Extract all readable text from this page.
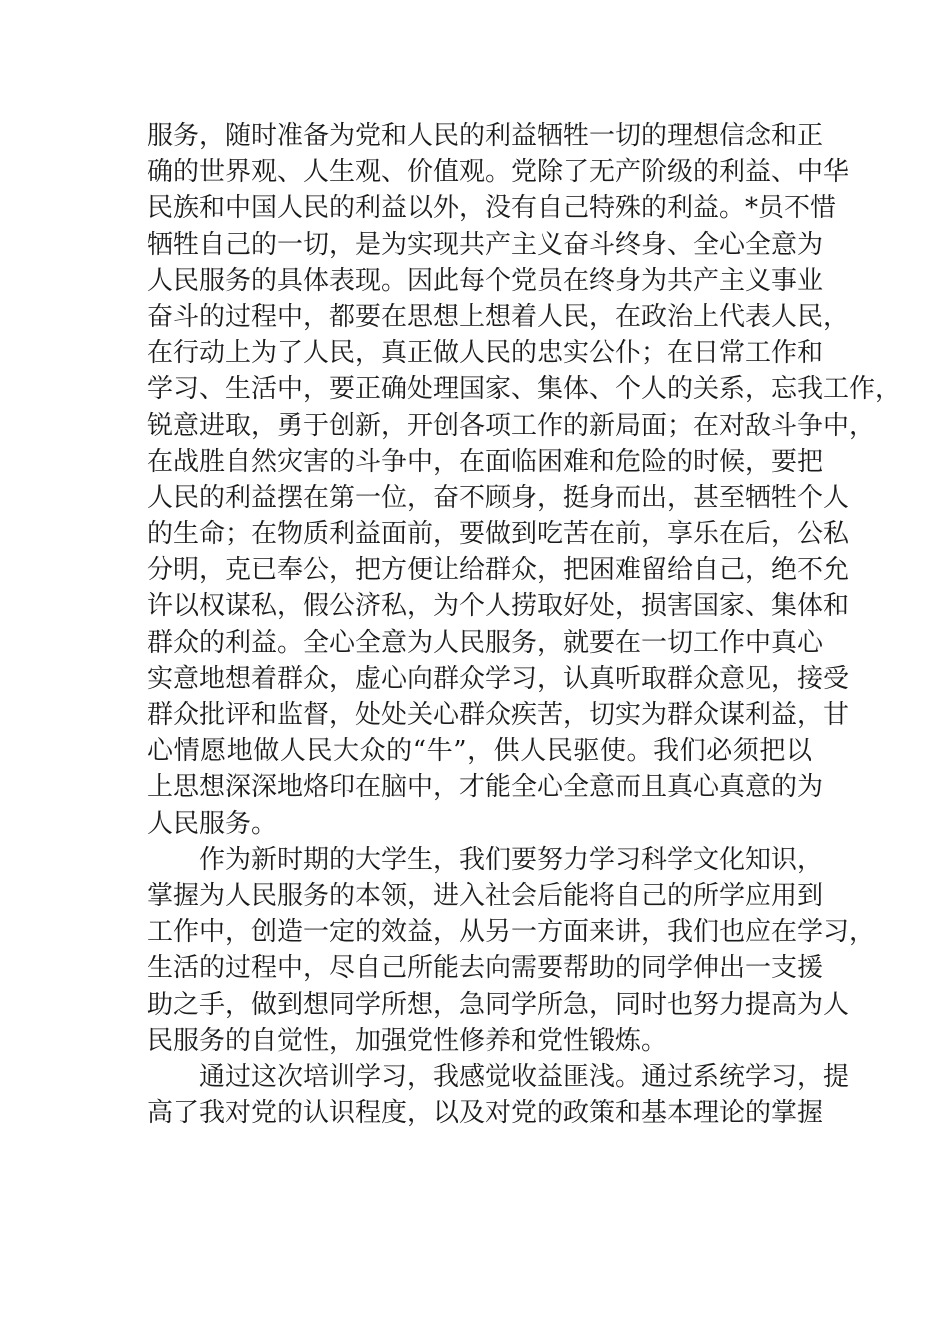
服务，随时准备为党和人民的利益牺牲一切的理想信念和正
确的世界观、人生观、价值观。党除了无产阶级的利益、中华
民族和中国人民的利益以外，没有自己特殊的利益。*员不惜
牺牲自己的一切，是为实现共产主义奋斗终身、全心全意为
人民服务的具体表现。因此每个党员在终身为共产主义事业
奋斗的过程中，都要在思想上想着人民，在政治上代表人民，
在行动上为了人民，真正做人民的忠实公仆；在日常工作和
学习、生活中，要正确处理国家、集体、个人的关系，忘我工作，
锐意进取，勇于创新，开创各项工作的新局面；在对敌斗争中，
在战胜自然灾害的斗争中，在面临困难和危险的时候，要把
人民的利益摆在第一位，奋不顾身，挺身而出，甚至牺牲个人
的生命；在物质利益面前，要做到吃苦在前，享乐在后，公私
分明，克已奉公，把方便让给群众，把困难留给自己，绝不允
许以权谋私，假公济私，为个人捞取好处，损害国家、集体和
群众的利益。全心全意为人民服务，就要在一切工作中真心
实意地想着群众，虚心向群众学习，认真听取群众意见，接受
群众批评和监督，处处关心群众疾苦，切实为群众谋利益，甘
心情愿地做人民大众的“牛”，供人民驱使。我们必须把以
上思想深深地烙印在脑中，才能全心全意而且真心真意的为
人民服务。
作为新时期的大学生，我们要努力学习科学文化知识，
掌握为人民服务的本领，进入社会后能将自己的所学应用到
工作中，创造一定的效益，从另一方面来讲，我们也应在学习，
生活的过程中，尽自己所能去向需要帮助的同学伸出一支援
助之手，做到想同学所想，急同学所急，同时也努力提高为人
民服务的自觉性，加强党性修养和党性锻炼。
通过这次培训学习，我感觉收益匪浅。通过系统学习，提
高了我对党的认识程度，以及对党的政策和基本理论的掌握
